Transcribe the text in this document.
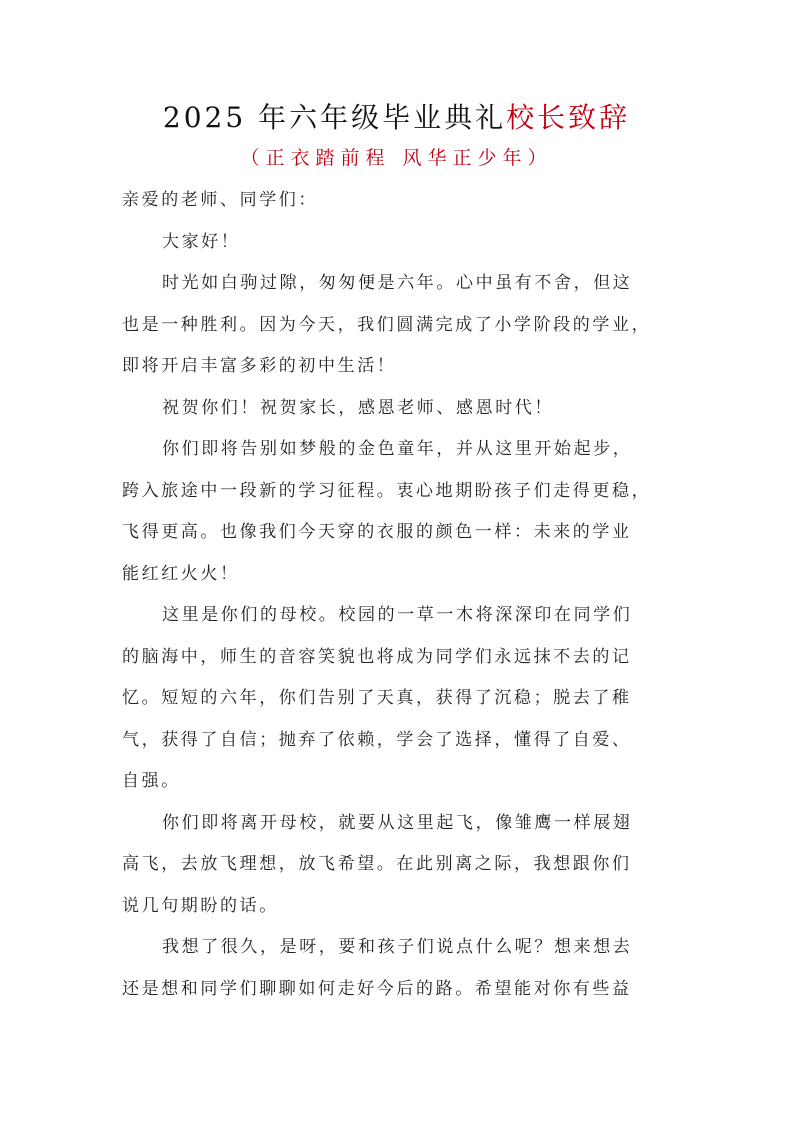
2025 年六年级毕业典礼校长致辞
（正衣踏前程 风华正少年）
亲爱的老师、同学们：
大家好！
时光如白驹过隙，匆匆便是六年。心中虽有不舍，但这
也是一种胜利。因为今天，我们圆满完成了小学阶段的学业，
即将开启丰富多彩的初中生活！
祝贺你们！祝贺家长，感恩老师、感恩时代！
你们即将告别如梦般的金色童年，并从这里开始起步，
跨入旅途中一段新的学习征程。衷心地期盼孩子们走得更稳，
飞得更高。也像我们今天穿的衣服的颜色一样：未来的学业
能红红火火！
这里是你们的母校。校园的一草一木将深深印在同学们
的脑海中，师生的音容笑貌也将成为同学们永远抹不去的记
忆。短短的六年，你们告别了天真，获得了沉稳；脱去了稚
气，获得了自信；抛弃了依赖，学会了选择，懂得了自爱、
自强。
你们即将离开母校，就要从这里起飞，像雏鹰一样展翅
高飞，去放飞理想，放飞希望。在此别离之际，我想跟你们
说几句期盼的话。
我想了很久，是呀，要和孩子们说点什么呢？想来想去
还是想和同学们聊聊如何走好今后的路。希望能对你有些益
